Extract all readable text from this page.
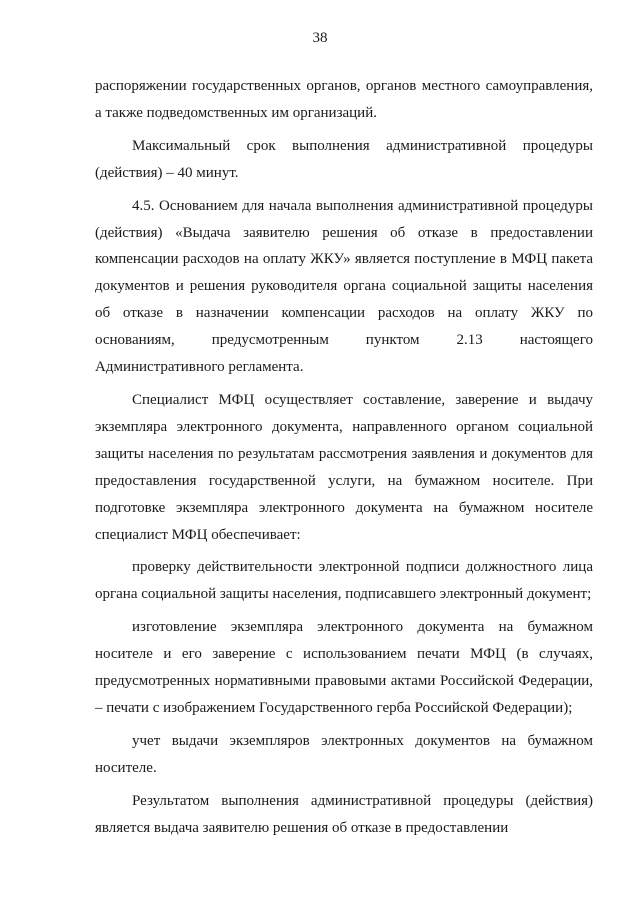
38

распоряжении государственных органов, органов местного самоуправления, а также подведомственных им организаций.

Максимальный срок выполнения административной процедуры (действия) – 40 минут.

4.5. Основанием для начала выполнения административной процедуры (действия) «Выдача заявителю решения об отказе в предоставлении компенсации расходов на оплату ЖКУ» является поступление в МФЦ пакета документов и решения руководителя органа социальной защиты населения об отказе в назначении компенсации расходов на оплату ЖКУ по основаниям, предусмотренным пунктом 2.13 настоящего Административного регламента.

Специалист МФЦ осуществляет составление, заверение и выдачу экземпляра электронного документа, направленного органом социальной защиты населения по результатам рассмотрения заявления и документов для предоставления государственной услуги, на бумажном носителе. При подготовке экземпляра электронного документа на бумажном носителе специалист МФЦ обеспечивает:

проверку действительности электронной подписи должностного лица органа социальной защиты населения, подписавшего электронный документ;

изготовление экземпляра электронного документа на бумажном носителе и его заверение с использованием печати МФЦ (в случаях, предусмотренных нормативными правовыми актами Российской Федерации, – печати с изображением Государственного герба Российской Федерации);

учет выдачи экземпляров электронных документов на бумажном носителе.

Результатом выполнения административной процедуры (действия) является выдача заявителю решения об отказе в предоставлении
